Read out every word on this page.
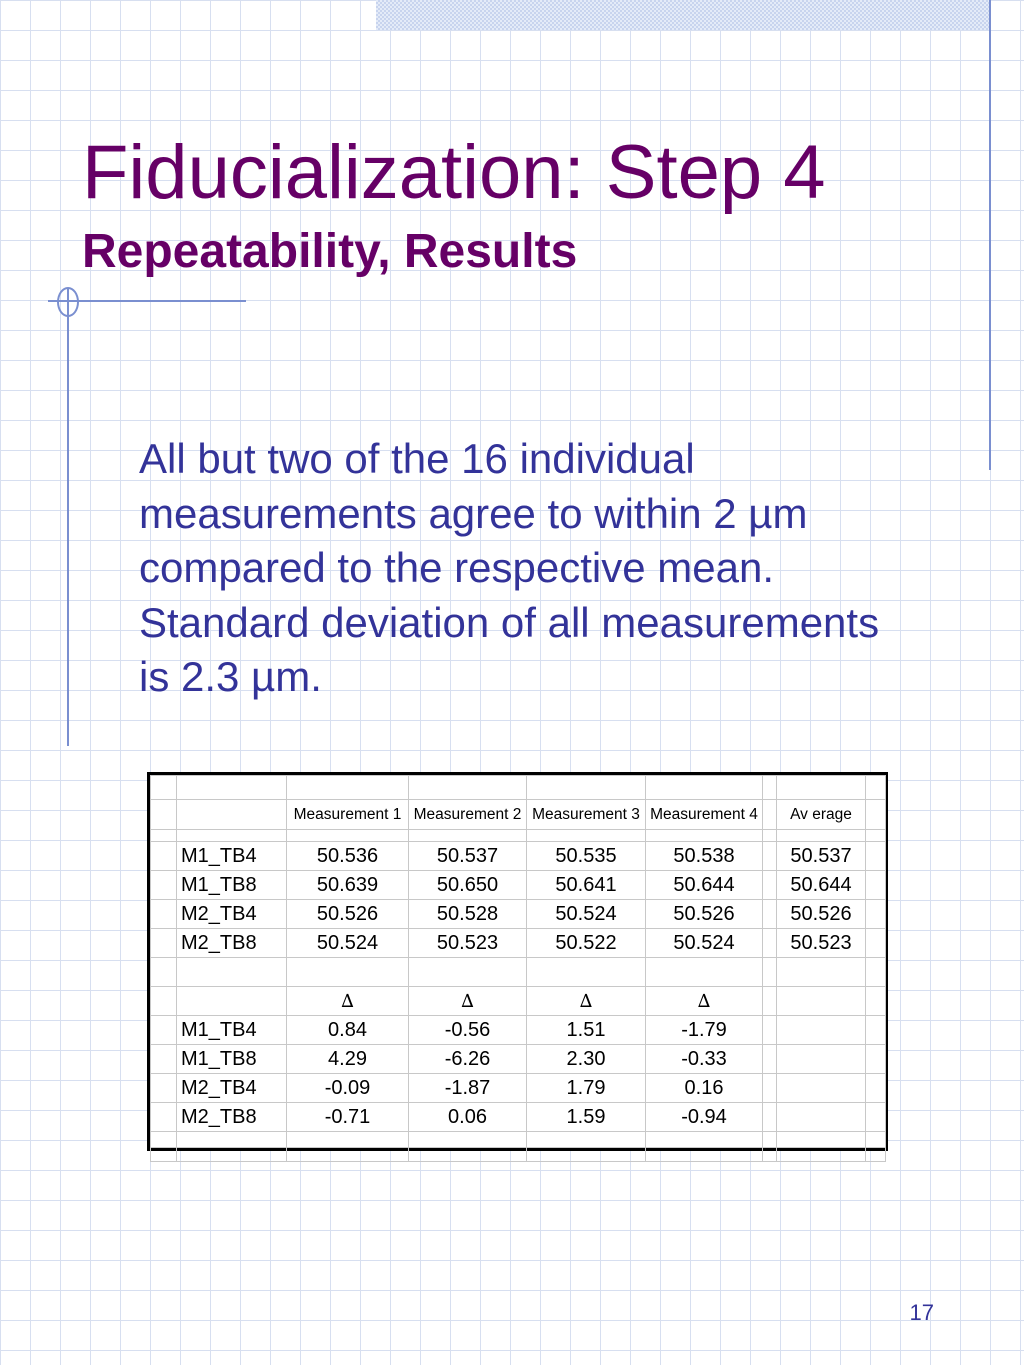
Fiducialization: Step 4
Repeatability, Results

All but two of the 16 individual measurements agree to within 2 µm compared to the respective mean. Standard deviation of all measurements is 2.3 µm.

		Measurement 1	Measurement 2	Measurement 3	Measurement 4		Av erage	

	M1_TB4	50.536	50.537	50.535	50.538		50.537	
	M1_TB8	50.639	50.650	50.641	50.644		50.644	
	M2_TB4	50.526	50.528	50.524	50.526		50.526	
	M2_TB8	50.524	50.523	50.522	50.524		50.523	

		∆	∆	∆	∆			
	M1_TB4	0.84	-0.56	1.51	-1.79			
	M1_TB8	4.29	-6.26	2.30	-0.33			
	M2_TB4	-0.09	-1.87	1.79	0.16			
	M2_TB8	-0.71	0.06	1.59	-0.94			

17
